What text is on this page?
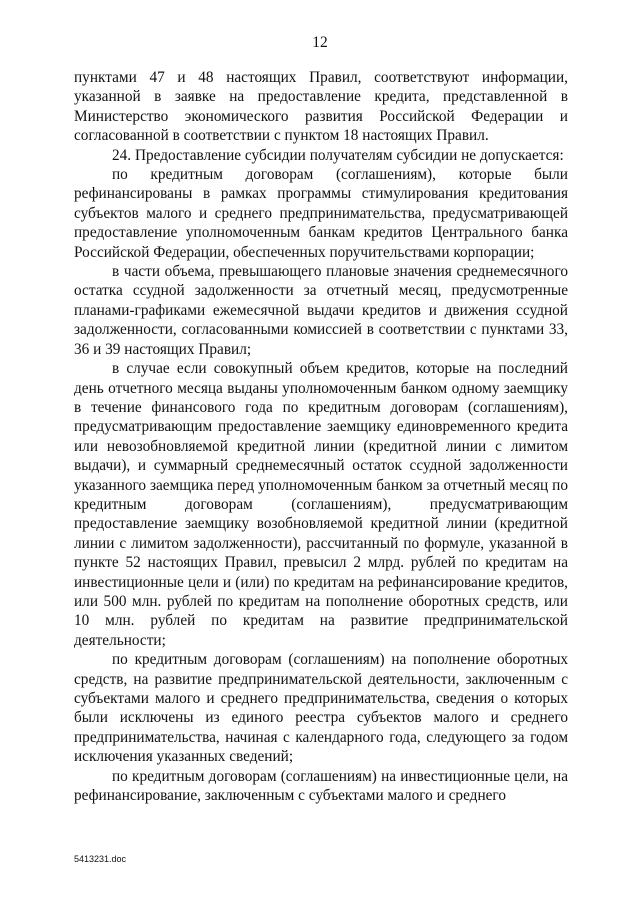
12

пунктами 47 и 48 настоящих Правил, соответствуют информации, указанной в заявке на предоставление кредита, представленной в Министерство экономического развития Российской Федерации и согласованной в соответствии с пунктом 18 настоящих Правил.

24. Предоставление субсидии получателям субсидии не допускается:

по кредитным договорам (соглашениям), которые были рефинансированы в рамках программы стимулирования кредитования субъектов малого и среднего предпринимательства, предусматривающей предоставление уполномоченным банкам кредитов Центрального банка Российской Федерации, обеспеченных поручительствами корпорации;

в части объема, превышающего плановые значения среднемесячного остатка ссудной задолженности за отчетный месяц, предусмотренные планами-графиками ежемесячной выдачи кредитов и движения ссудной задолженности, согласованными комиссией в соответствии с пунктами 33, 36 и 39 настоящих Правил;

в случае если совокупный объем кредитов, которые на последний день отчетного месяца выданы уполномоченным банком одному заемщику в течение финансового года по кредитным договорам (соглашениям), предусматривающим предоставление заемщику единовременного кредита или невозобновляемой кредитной линии (кредитной линии с лимитом выдачи), и суммарный среднемесячный остаток ссудной задолженности указанного заемщика перед уполномоченным банком за отчетный месяц по кредитным договорам (соглашениям), предусматривающим предоставление заемщику возобновляемой кредитной линии (кредитной линии с лимитом задолженности), рассчитанный по формуле, указанной в пункте 52 настоящих Правил, превысил 2 млрд. рублей по кредитам на инвестиционные цели и (или) по кредитам на рефинансирование кредитов, или 500 млн. рублей по кредитам на пополнение оборотных средств, или 10 млн. рублей по кредитам на развитие предпринимательской деятельности;

по кредитным договорам (соглашениям) на пополнение оборотных средств, на развитие предпринимательской деятельности, заключенным с субъектами малого и среднего предпринимательства, сведения о которых были исключены из единого реестра субъектов малого и среднего предпринимательства, начиная с календарного года, следующего за годом исключения указанных сведений;

по кредитным договорам (соглашениям) на инвестиционные цели, на рефинансирование, заключенным с субъектами малого и среднего

5413231.doc
